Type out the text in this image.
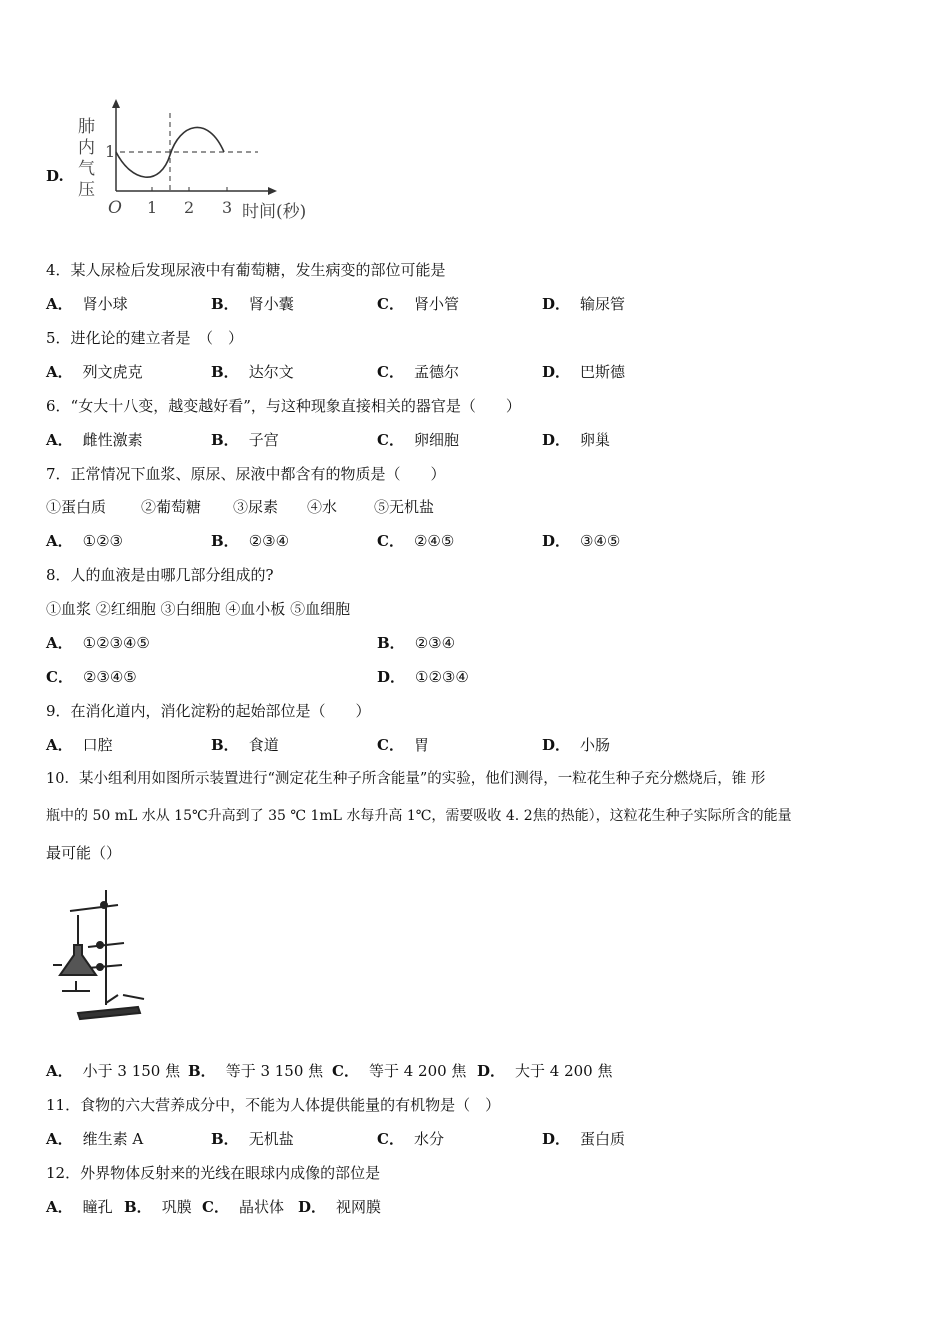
D.
肺
内
气
压
1
O 1 2 3 时间(秒)
4．某人尿检后发现尿液中有葡萄糖，发生病变的部位可能是
A． 肾小球	B． 肾小囊	C． 肾小管	D． 输尿管
5．进化论的建立者是　（　）
A． 列文虎克	B． 达尔文	C． 孟德尔	D． 巴斯德
6．“女大十八变，越变越好看”，与这种现象直接相关的器官是（　　）
A． 雌性激素	B． 子宫	C． 卵细胞	D． 卵巢
7．正常情况下血浆、原尿、尿液中都含有的物质是（　　）
①蛋白质 ②葡萄糖 ③尿素 ④水 ⑤无机盐
A． ①②③	B． ②③④	C． ②④⑤	D． ③④⑤
8．人的血液是由哪几部分组成的?
①血浆 ②红细胞 ③白细胞 ④血小板 ⑤血细胞
A． ①②③④⑤	B． ②③④
C． ②③④⑤	D． ①②③④
9．在消化道内，消化淀粉的起始部位是（　　）
A． 口腔	B． 食道	C． 胃	D． 小肠
10．某小组利用如图所示装置进行“测定花生种子所含能量”的实验，他们测得，一粒花生种子充分燃烧后，锥 形
瓶中的 50 mL 水从 15℃升高到了 35 ℃ 1mL 水每升高 1℃，需要吸收 4. 2焦的热能），这粒花生种子实际所含的能量
最可能（）
A． 小于 3 150 焦 B． 等于 3 150 焦 C． 等于 4 200 焦 D． 大于 4 200 焦
11．食物的六大营养成分中，不能为人体提供能量的有机物是（　）
A． 维生素 A	B． 无机盐	C． 水分	D． 蛋白质
12．外界物体反射来的光线在眼球内成像的部位是
A． 瞳孔 B． 巩膜 C． 晶状体 D． 视网膜
